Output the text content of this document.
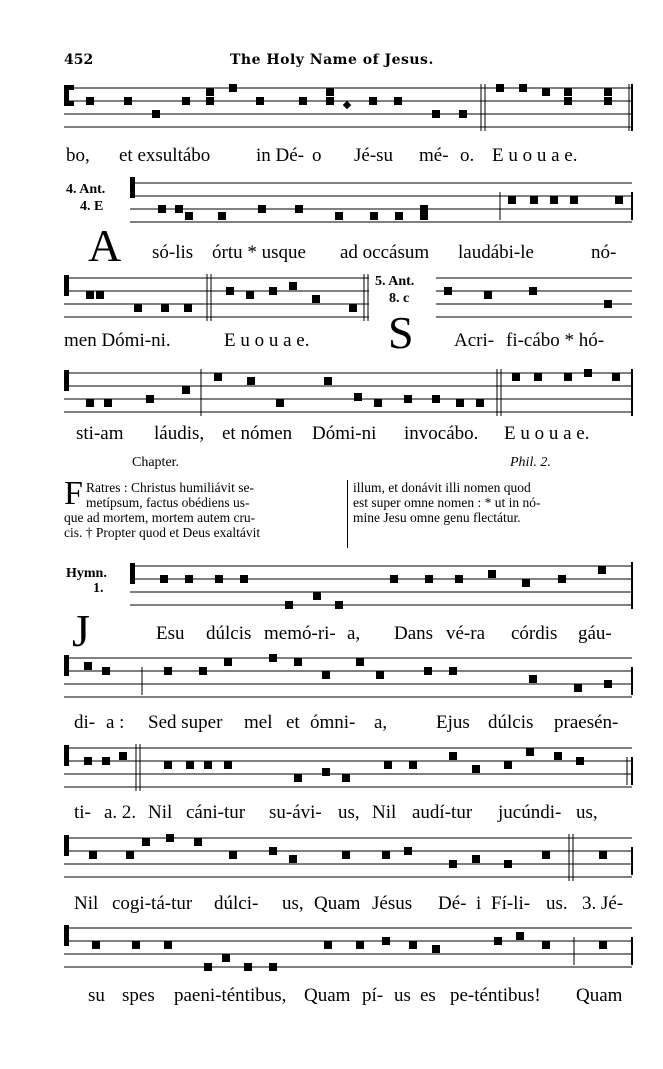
452	The Holy Name of Jesus.
bo, et exsultábo in Dé- o Jé-su mé- o. E u o u a e.
4. Ant.
4. E
A só-lis órtu * usque ad occásum laudábi-le	nó-
5. Ant.
8. c
men Dómi-ni.	E u o u a e.	Acri- fi-cábo * hó-
S
sti-am láudis, et nómen Dómi-ni invocábo. E u o u a e.
Chapter.	Phil. 2.

F Ratres : Christus humiliávit se-

metípsum, factus obédiens us-

que ad mortem, mortem autem cru-

cis. † Propter quod et Deus exaltávit

illum, et donávit illi nomen quod

est super omne nomen : * ut in nó-

mine Jesu omne genu flectátur.

Hymn.
1.
J	Esu dúlcis memó-ri- a, Dans vé-ra córdis gáu-
di- a : Sed super mel et ómni- a,	Ejus dúlcis praesén-
ti- a. 2. Nil cáni-tur su-ávi- us, Nil audí-tur jucúndi- us,
Nil cogi-tá-tur dúlci- us, Quam Jésus Dé- i Fí-li- us. 3. Jé-
su spes paeni-téntibus, Quam pí- us es pe-téntibus! Quam
